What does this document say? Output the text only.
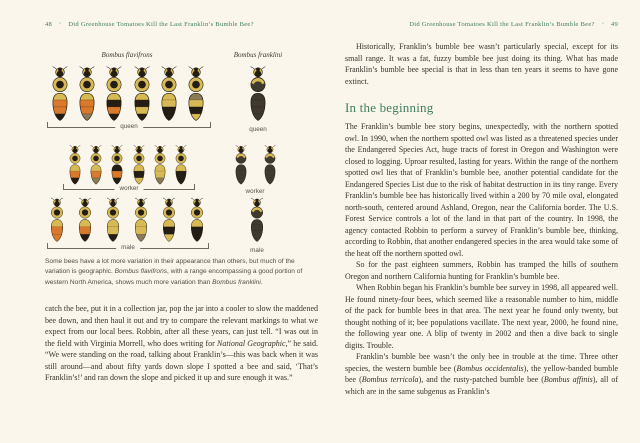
48 ◦ Did Greenhouse Tomatoes Kill the Last Franklin’s Bumble Bee?	Did Greenhouse Tomatoes Kill the Last Franklin’s Bumble Bee? ◦ 49
Bombus flavifrons	Bombus franklini
queen	queen
worker	worker
male	male
Some bees have a lot more variation in their appearance than others, but much of the variation is geographic. Bombus flavifrons, with a range encompassing a good portion of western North America, shows much more variation than Bombus franklini.

catch the bee, put it in a collection jar, pop the jar into a cooler to slow the maddened bee down, and then haul it out and try to compare the relevant markings to what we expect from our local bees. Robbin, after all these years, can just tell. “I was out in the field with Virginia Morrell, who does writing for National Geographic,” he said. “We were standing on the road, talking about Franklin’s—this was back when it was still around—and about fifty yards down slope I spotted a bee and said, ‘That’s Franklin’s!’ and ran down the slope and picked it up and sure enough it was.”

Historically, Franklin’s bumble bee wasn’t particularly special, except for its small range. It was a fat, fuzzy bumble bee just doing its thing. What has made Franklin’s bumble bee special is that in less than ten years it seems to have gone extinct.

In the beginning

The Franklin’s bumble bee story begins, unexpectedly, with the northern spotted owl. In 1990, when the northern spotted owl was listed as a threatened species under the Endangered Species Act, huge tracts of forest in Oregon and Washington were closed to logging. Uproar resulted, lasting for years. Within the range of the northern spotted owl lies that of Franklin’s bumble bee, another potential candidate for the Endangered Species List due to the risk of habitat destruction in its tiny range. Every Franklin’s bumble bee has historically lived within a 200 by 70 mile oval, elongated north-south, centered around Ashland, Oregon, near the California border. The U.S. Forest Service controls a lot of the land in that part of the country. In 1998, the agency contacted Robbin to perform a survey of Franklin’s bumble bee, thinking, according to Robbin, that another endangered species in the area would take some of the heat off the northern spotted owl.

So for the past eighteen summers, Robbin has tramped the hills of southern Oregon and northern California hunting for Franklin’s bumble bee.

When Robbin began his Franklin’s bumble bee survey in 1998, all appeared well. He found ninety-four bees, which seemed like a reasonable number to him, middle of the pack for bumble bees in that area. The next year he found only twenty, but thought nothing of it; bee populations vacillate. The next year, 2000, he found nine, the following year one. A blip of twenty in 2002 and then a dive back to single digits. Trouble.

Franklin’s bumble bee wasn’t the only bee in trouble at the time. Three other species, the western bumble bee (Bombus occidentalis), the yellow-banded bumble bee (Bombus terricola), and the rusty-patched bumble bee (Bombus affinis), all of which are in the same subgenus as Franklin’s
